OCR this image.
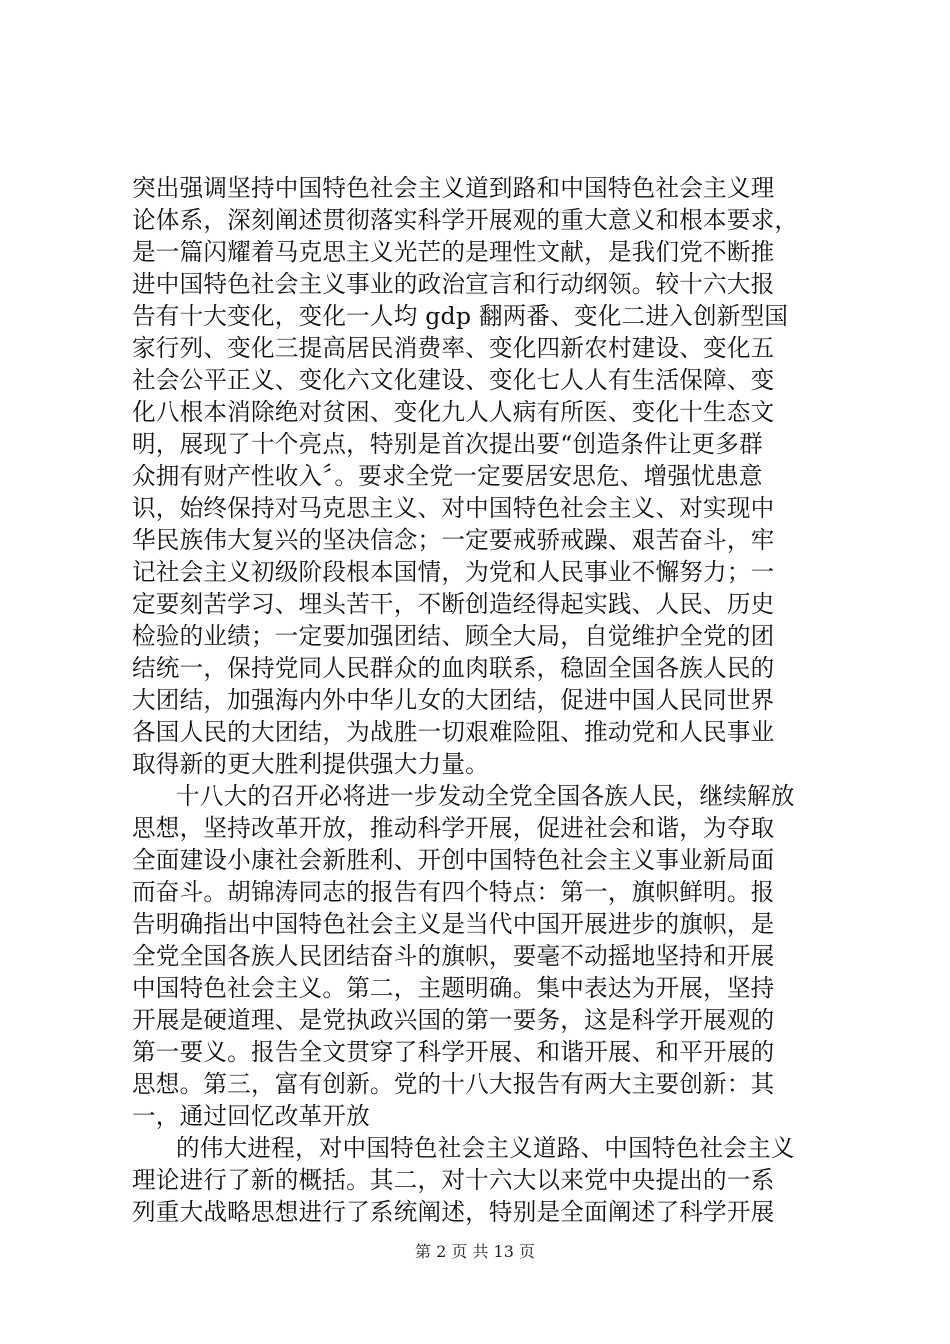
突出强调坚持中国特色社会主义道到路和中国特色社会主义理
论体系，深刻阐述贯彻落实科学开展观的重大意义和根本要求，
是一篇闪耀着马克思主义光芒的是理性文献，是我们党不断推
进中国特色社会主义事业的政治宣言和行动纲领。较十六大报
告有十大变化，变化一人均 gdp 翻两番、变化二进入创新型国
家行列、变化三提高居民消费率、变化四新农村建设、变化五
社会公平正义、变化六文化建设、变化七人人有生活保障、变
化八根本消除绝对贫困、变化九人人病有所医、变化十生态文
明，展现了十个亮点，特别是首次提出要“创造条件让更多群
众拥有财产性收入〞。要求全党一定要居安思危、增强忧患意
识，始终保持对马克思主义、对中国特色社会主义、对实现中
华民族伟大复兴的坚决信念；一定要戒骄戒躁、艰苦奋斗，牢
记社会主义初级阶段根本国情，为党和人民事业不懈努力；一
定要刻苦学习、埋头苦干，不断创造经得起实践、人民、历史
检验的业绩；一定要加强团结、顾全大局，自觉维护全党的团
结统一，保持党同人民群众的血肉联系，稳固全国各族人民的
大团结，加强海内外中华儿女的大团结，促进中国人民同世界
各国人民的大团结，为战胜一切艰难险阻、推动党和人民事业
取得新的更大胜利提供强大力量。
十八大的召开必将进一步发动全党全国各族人民，继续解放
思想，坚持改革开放，推动科学开展，促进社会和谐，为夺取
全面建设小康社会新胜利、开创中国特色社会主义事业新局面
而奋斗。胡锦涛同志的报告有四个特点：第一，旗帜鲜明。报
告明确指出中国特色社会主义是当代中国开展进步的旗帜，是
全党全国各族人民团结奋斗的旗帜，要毫不动摇地坚持和开展
中国特色社会主义。第二，主题明确。集中表达为开展，坚持
开展是硬道理、是党执政兴国的第一要务，这是科学开展观的
第一要义。报告全文贯穿了科学开展、和谐开展、和平开展的
思想。第三，富有创新。党的十八大报告有两大主要创新：其
一，通过回忆改革开放
的伟大进程，对中国特色社会主义道路、中国特色社会主义
理论进行了新的概括。其二，对十六大以来党中央提出的一系
列重大战略思想进行了系统阐述，特别是全面阐述了科学开展
第 2 页 共 13 页
